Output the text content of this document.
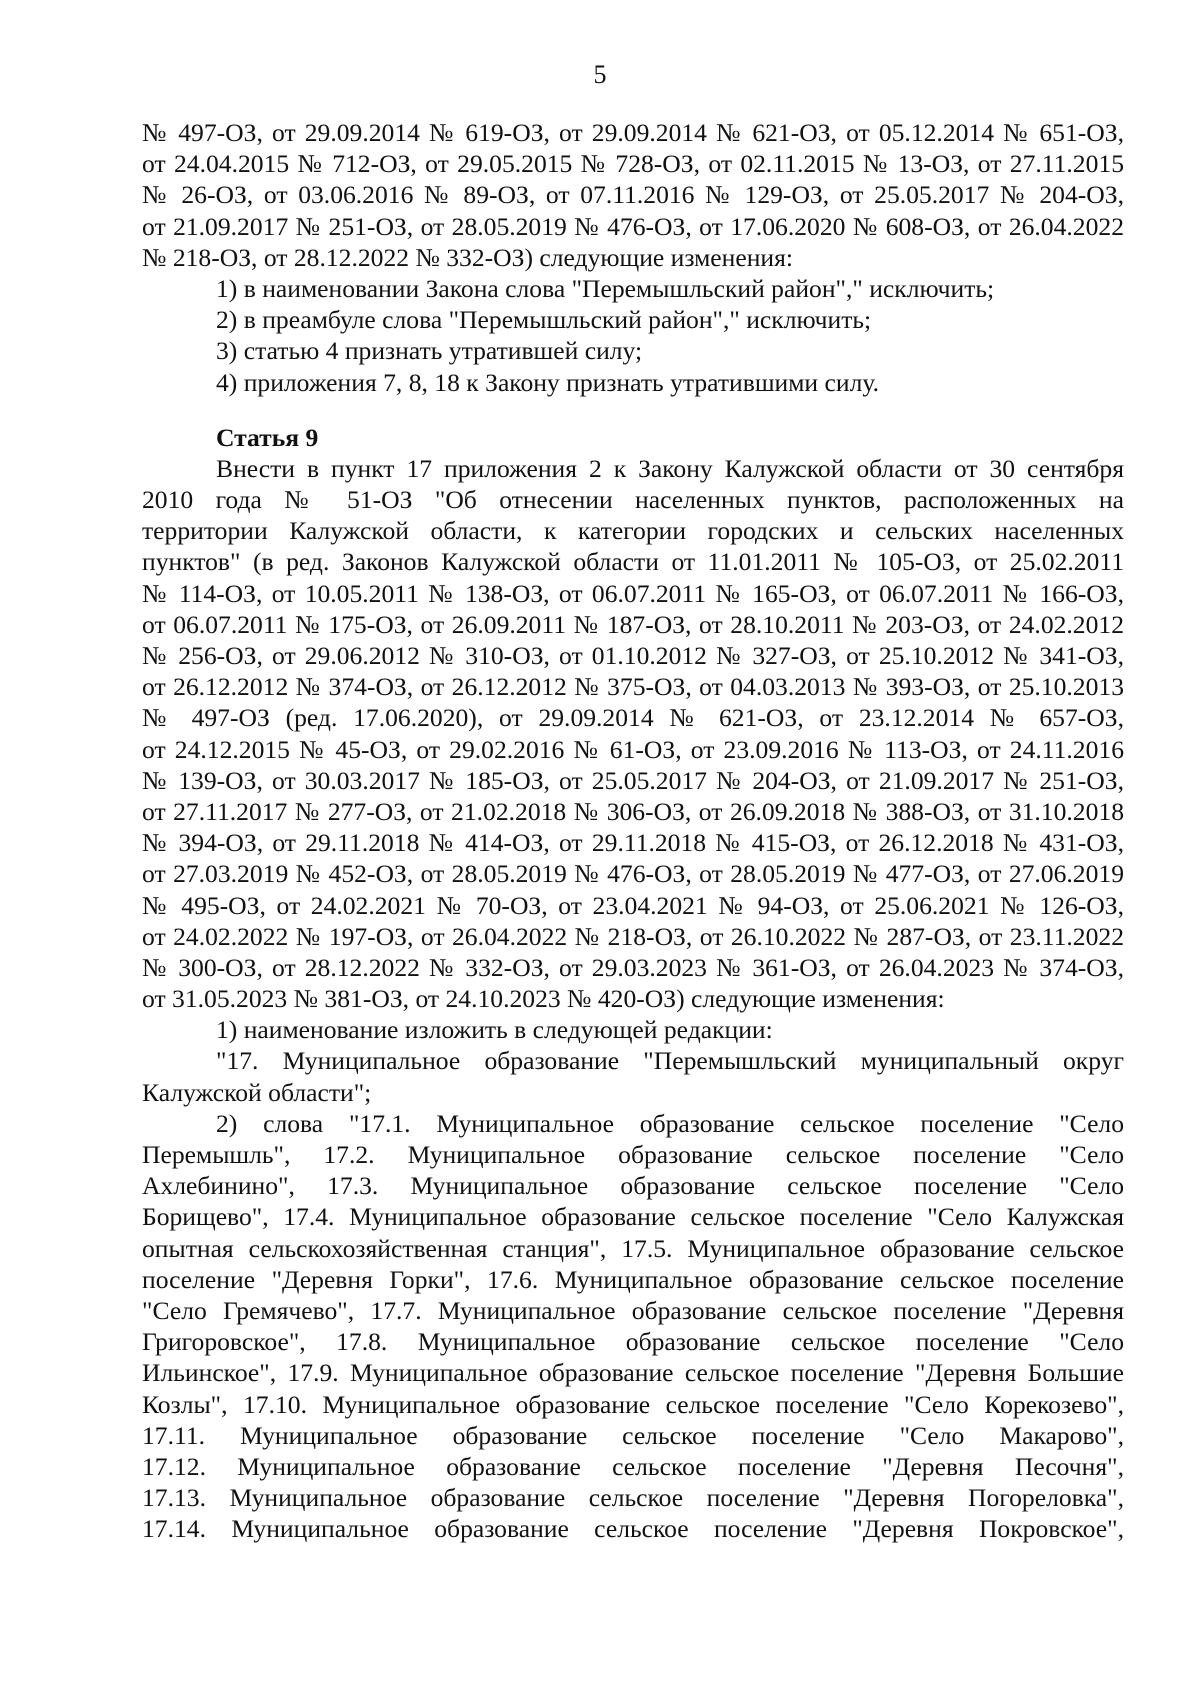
5
№ 497-ОЗ, от 29.09.2014 № 619-ОЗ, от 29.09.2014 № 621-ОЗ, от 05.12.2014 № 651-ОЗ,
от 24.04.2015 № 712-ОЗ, от 29.05.2015 № 728-ОЗ, от 02.11.2015 № 13-ОЗ, от 27.11.2015
№ 26-ОЗ, от 03.06.2016 № 89-ОЗ, от 07.11.2016 № 129-ОЗ, от 25.05.2017 № 204-ОЗ,
от 21.09.2017 № 251-ОЗ, от 28.05.2019 № 476-ОЗ, от 17.06.2020 № 608-ОЗ, от 26.04.2022
№ 218-ОЗ, от 28.12.2022 № 332-ОЗ) следующие изменения:
1) в наименовании Закона слова "Перемышльский район"," исключить;
2) в преамбуле слова "Перемышльский район"," исключить;
3) статью 4 признать утратившей силу;
4) приложения 7, 8, 18 к Закону признать утратившими силу.
Статья 9
Внести в пункт 17 приложения 2 к Закону Калужской области от 30 сентября
2010 года № 51-ОЗ "Об отнесении населенных пунктов, расположенных на
территории Калужской области, к категории городских и сельских населенных
пунктов" (в ред. Законов Калужской области от 11.01.2011 № 105-ОЗ, от 25.02.2011
№ 114-ОЗ, от 10.05.2011 № 138-ОЗ, от 06.07.2011 № 165-ОЗ, от 06.07.2011 № 166-ОЗ,
от 06.07.2011 № 175-ОЗ, от 26.09.2011 № 187-ОЗ, от 28.10.2011 № 203-ОЗ, от 24.02.2012
№ 256-ОЗ, от 29.06.2012 № 310-ОЗ, от 01.10.2012 № 327-ОЗ, от 25.10.2012 № 341-ОЗ,
от 26.12.2012 № 374-ОЗ, от 26.12.2012 № 375-ОЗ, от 04.03.2013 № 393-ОЗ, от 25.10.2013
№ 497-ОЗ (ред. 17.06.2020), от 29.09.2014 № 621-ОЗ, от 23.12.2014 № 657-ОЗ,
от 24.12.2015 № 45-ОЗ, от 29.02.2016 № 61-ОЗ, от 23.09.2016 № 113-ОЗ, от 24.11.2016
№ 139-ОЗ, от 30.03.2017 № 185-ОЗ, от 25.05.2017 № 204-ОЗ, от 21.09.2017 № 251-ОЗ,
от 27.11.2017 № 277-ОЗ, от 21.02.2018 № 306-ОЗ, от 26.09.2018 № 388-ОЗ, от 31.10.2018
№ 394-ОЗ, от 29.11.2018 № 414-ОЗ, от 29.11.2018 № 415-ОЗ, от 26.12.2018 № 431-ОЗ,
от 27.03.2019 № 452-ОЗ, от 28.05.2019 № 476-ОЗ, от 28.05.2019 № 477-ОЗ, от 27.06.2019
№ 495-ОЗ, от 24.02.2021 № 70-ОЗ, от 23.04.2021 № 94-ОЗ, от 25.06.2021 № 126-ОЗ,
от 24.02.2022 № 197-ОЗ, от 26.04.2022 № 218-ОЗ, от 26.10.2022 № 287-ОЗ, от 23.11.2022
№ 300-ОЗ, от 28.12.2022 № 332-ОЗ, от 29.03.2023 № 361-ОЗ, от 26.04.2023 № 374-ОЗ,
от 31.05.2023 № 381-ОЗ, от 24.10.2023 № 420-ОЗ) следующие изменения:
1) наименование изложить в следующей редакции:
"17. Муниципальное образование "Перемышльский муниципальный округ
Калужской области";
2) слова "17.1. Муниципальное образование сельское поселение "Село
Перемышль", 17.2. Муниципальное образование сельское поселение "Село
Ахлебинино", 17.3. Муниципальное образование сельское поселение "Село
Борищево", 17.4. Муниципальное образование сельское поселение "Село Калужская
опытная сельскохозяйственная станция", 17.5. Муниципальное образование сельское
поселение "Деревня Горки", 17.6. Муниципальное образование сельское поселение
"Село Гремячево", 17.7. Муниципальное образование сельское поселение "Деревня
Григоровское", 17.8. Муниципальное образование сельское поселение "Село
Ильинское", 17.9. Муниципальное образование сельское поселение "Деревня Большие
Козлы", 17.10. Муниципальное образование сельское поселение "Село Корекозево",
17.11. Муниципальное образование сельское поселение "Село Макарово",
17.12. Муниципальное образование сельское поселение "Деревня Песочня",
17.13. Муниципальное образование сельское поселение "Деревня Погореловка",
17.14. Муниципальное образование сельское поселение "Деревня Покровское",
